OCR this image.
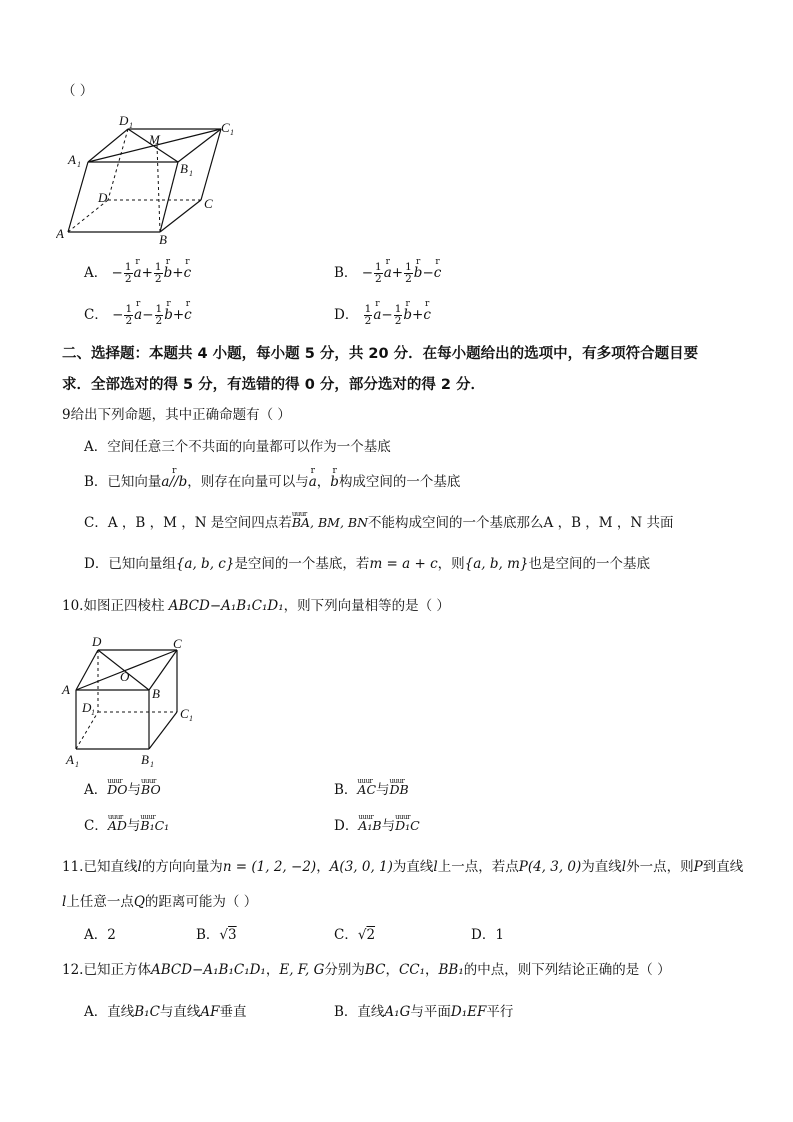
（ ）
D 1	C 1
M
A 1	B 1
D	C
A	B
A． − $\frac{1}{2}$ r $a+ \frac{1}{2}$ r b+r c	B． − $\frac{1}{2}$ r $a+ \frac{1}{2}$ r b−r c
C． − $\frac{1}{2}$ r $a- \frac{1}{2}$ r b+r c	D． $\frac{1}{2}$ r $a- \frac{1}{2}$ r b+r c
二、选择题：本题共 4 小题，每小题 5 分，共 20 分．在每小题给出的选项中，有多项符合题目要
求．全部选对的得 5 分，有选错的得 0 分，部分选对的得 2 分．
9给出下列命题，其中正确命题有（ ）
A．空间任意三个不共面的向量都可以作为一个基底
B．已知向量r a//b，则存在向量可以与r a，r b构成空间的一个基底
C．A ，B ，M ，N 是空间四点若uuur BA, BM, BN不能构成空间的一个基底那么A ，B ，M ，N 共面
D．已知向量组{a, b, c}是空间的一个基底，若m = a + c，则{a, b, m}也是空间的一个基底
10.如图正四棱柱 ABCD−A₁B₁C₁D₁，则下列向量相等的是（ ）
D	C
O
A	B
D 1	C 1
A 1	B 1
A．uuur DO与uuur BO	B．uuur AC与uuur DB
C．uuur AD与uuur B₁C₁	D．uuur A₁B与uuur D₁C
11.已知直线l的方向向量为n = (1, 2, −2)，A(3, 0, 1)为直线l上一点，若点P(4, 3, 0)为直线l外一点，则P到直线
l上任意一点Q的距离可能为（ ）
A．2	B．√3	C．√2	D．1
12.已知正方体ABCD−A₁B₁C₁D₁，E, F, G分别为BC，CC₁，BB₁的中点，则下列结论正确的是（ ）
A．直线B₁C与直线AF垂直	B．直线A₁G与平面D₁EF平行
